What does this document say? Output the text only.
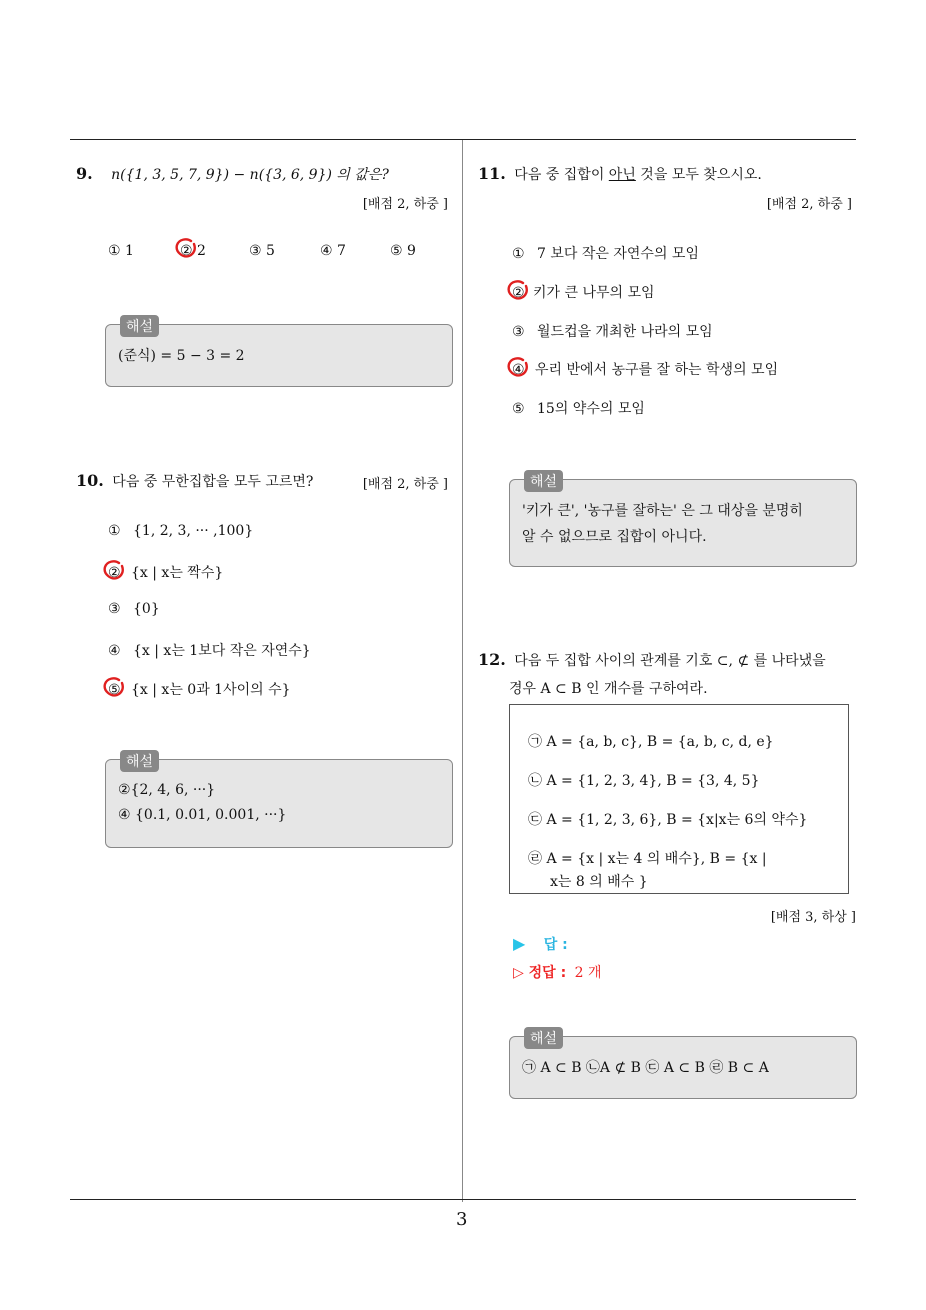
9. n({1, 3, 5, 7, 9}) − n({3, 6, 9}) 의 값은?
[배점 2, 하중 ]
① 1	② 2	③ 5	④ 7	⑤ 9
해설
(준식) = 5 − 3 = 2
10. 다음 중 무한집합을 모두 고르면?	[배점 2, 하중 ]
① {1, 2, 3, ··· ,100}
② {x | x는 짝수}
③ {0}
④ {x | x는 1보다 작은 자연수}
⑤ {x | x는 0과 1사이의 수}
해설
②{2, 4, 6, ···}
④ {0.1, 0.01, 0.001, ···}
11. 다음 중 집합이 아닌 것을 모두 찾으시오.
[배점 2, 하중 ]
① 7 보다 작은 자연수의 모임
② 키가 큰 나무의 모임
③ 월드컵을 개최한 나라의 모임
④ 우리 반에서 농구를 잘 하는 학생의 모임
⑤ 15의 약수의 모임
해설
'키가 큰', '농구를 잘하는' 은 그 대상을 분명히
알 수 없으므로 집합이 아니다.
12. 다음 두 집합 사이의 관계를 기호 ⊂, ⊄ 를 나타냈을
경우 A ⊂ B 인 개수를 구하여라.
㉠ A = {a, b, c}, B = {a, b, c, d, e}
㉡ A = {1, 2, 3, 4}, B = {3, 4, 5}
㉢ A = {1, 2, 3, 6}, B = {x|x는 6의 약수}
㉣ A = {x | x는 4 의 배수}, B = {x |
x는 8 의 배수 }
[배점 3, 하상 ]
▶ 답 :
▷ 정답 : 2 개
해설
㉠ A ⊂ B ㉡A ⊄ B ㉢ A ⊂ B ㉣ B ⊂ A
3
